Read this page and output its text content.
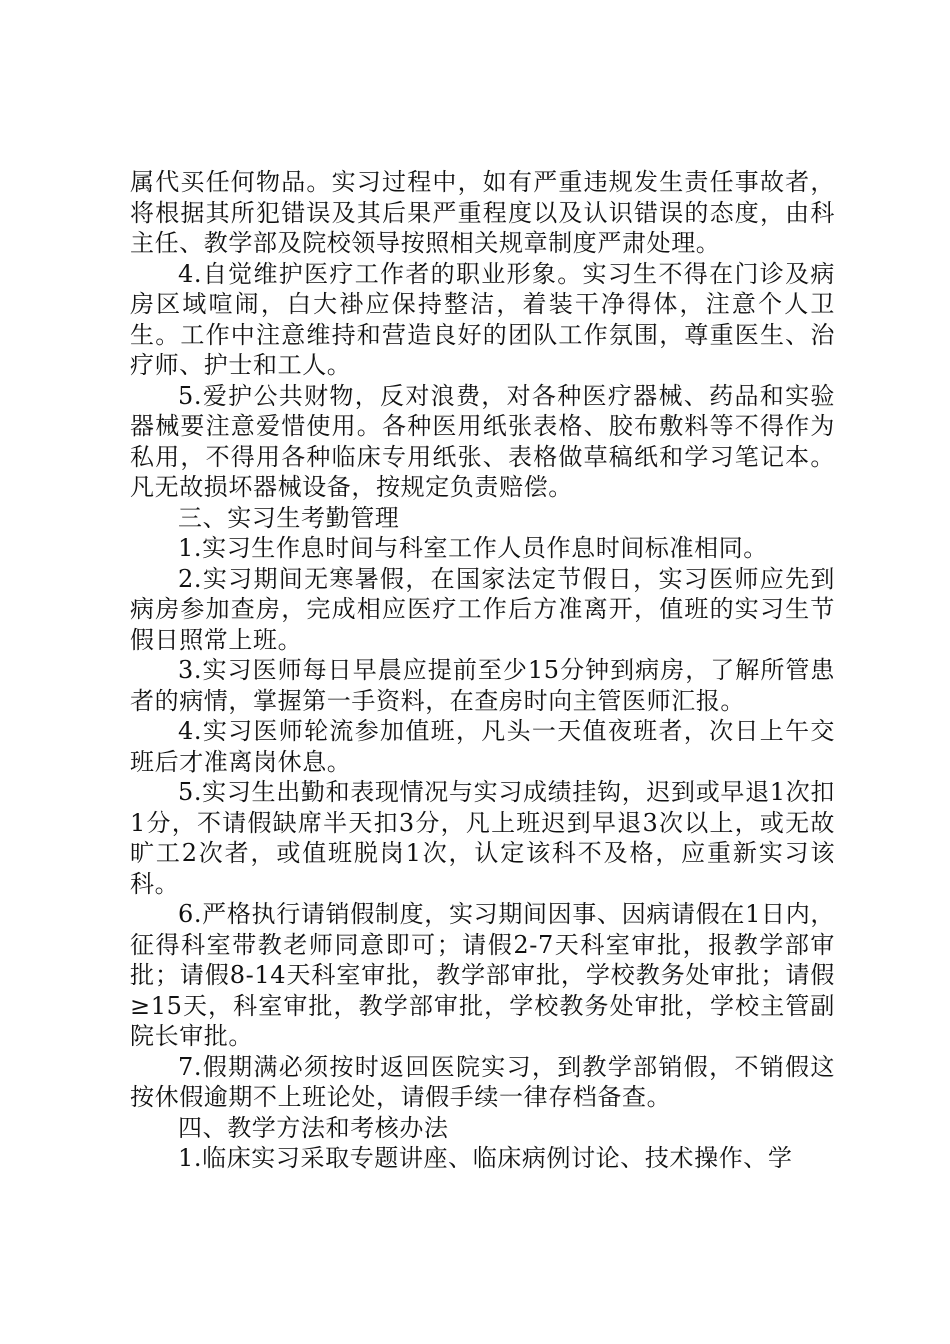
属代买任何物品。实习过程中，如有严重违规发生责任事故者，将根据其所犯错误及其后果严重程度以及认识错误的态度，由科主任、教学部及院校领导按照相关规章制度严肃处理。

4.自觉维护医疗工作者的职业形象。实习生不得在门诊及病房区域喧闹，白大褂应保持整洁，着装干净得体，注意个人卫生。工作中注意维持和营造良好的团队工作氛围，尊重医生、治疗师、护士和工人。

5.爱护公共财物，反对浪费，对各种医疗器械、药品和实验器械要注意爱惜使用。各种医用纸张表格、胶布敷料等不得作为私用，不得用各种临床专用纸张、表格做草稿纸和学习笔记本。凡无故损坏器械设备，按规定负责赔偿。

三、实习生考勤管理

1.实习生作息时间与科室工作人员作息时间标准相同。

2.实习期间无寒暑假，在国家法定节假日，实习医师应先到病房参加查房，完成相应医疗工作后方准离开，值班的实习生节假日照常上班。

3.实习医师每日早晨应提前至少15分钟到病房，了解所管患者的病情，掌握第一手资料，在查房时向主管医师汇报。

4.实习医师轮流参加值班，凡头一天值夜班者，次日上午交班后才准离岗休息。

5.实习生出勤和表现情况与实习成绩挂钩，迟到或早退1次扣1分，不请假缺席半天扣3分，凡上班迟到早退3次以上，或无故旷工2次者，或值班脱岗1次，认定该科不及格，应重新实习该科。

6.严格执行请销假制度，实习期间因事、因病请假在1日内，征得科室带教老师同意即可；请假2-7天科室审批，报教学部审批；请假8-14天科室审批，教学部审批，学校教务处审批；请假≥15天，科室审批，教学部审批，学校教务处审批，学校主管副院长审批。

7.假期满必须按时返回医院实习，到教学部销假，不销假这按休假逾期不上班论处，请假手续一律存档备查。

四、教学方法和考核办法

1.临床实习采取专题讲座、临床病例讨论、技术操作、学
